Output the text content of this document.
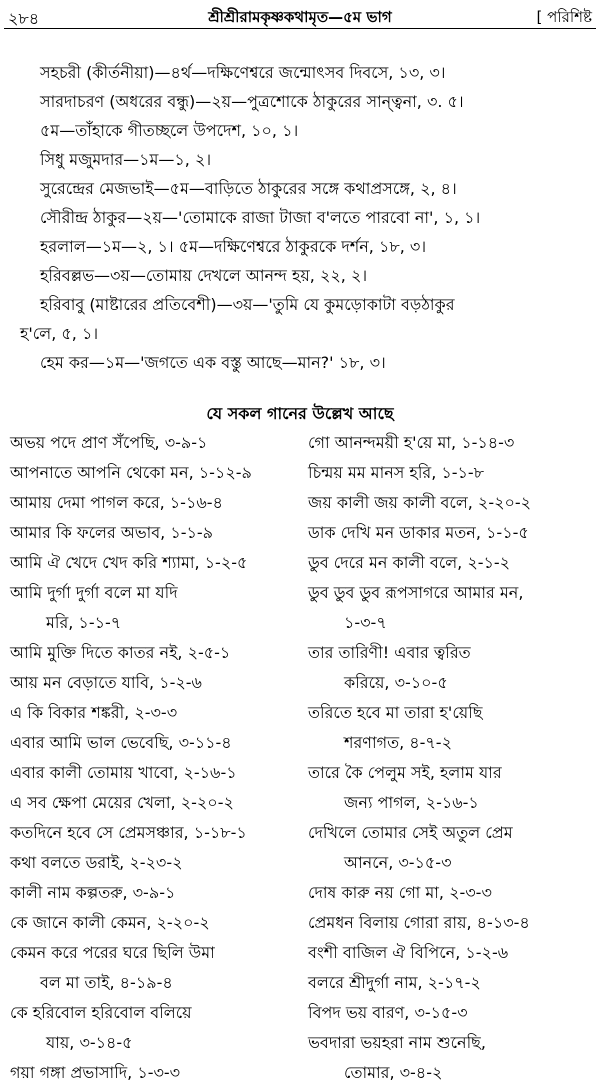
২৮৪	শ্রীশ্রীরামকৃষ্ণকথামৃত—৫ম ভাগ	[ পরিশিষ্ট
সহচরী (কীর্তনীয়া)—৪র্থ—দক্ষিণেশ্বরে জন্মোৎসব দিবসে, ১৩, ৩।
সারদাচরণ (অধরের বন্ধু)—২য়—পুত্রশোকে ঠাকুরের সান্ত্বনা, ৩. ৫।
৫ম—তাঁহাকে গীতচ্ছলে উপদেশ, ১০, ১।
সিধু মজুমদার—১ম—১, ২।
সুরেন্দ্রের মেজভাই—৫ম—বাড়িতে ঠাকুরের সঙ্গে কথাপ্রসঙ্গে, ২, ৪।
সৌরীন্দ্র ঠাকুর—২য়—'তোমাকে রাজা টাজা ব'লতে পারবো না', ১, ১।
হরলাল—১ম—২, ১। ৫ম—দক্ষিণেশ্বরে ঠাকুরকে দর্শন, ১৮, ৩।
হরিবল্লভ—৩য়—তোমায় দেখলে আনন্দ হয়, ২২, ২।
হরিবাবু (মাষ্টারের প্রতিবেশী)—৩য়—'তুমি যে কুমড়োকাটা বড়ঠাকুর
হ'লে, ৫, ১।
হেম কর—১ম—'জগতে এক বস্তু আছে—মান?' ১৮, ৩।
যে সকল গানের উল্লেখ আছে
অভয় পদে প্রাণ সঁপেছি, ৩-৯-১
আপনাতে আপনি থেকো মন, ১-১২-৯
আমায় দেমা পাগল করে, ১-১৬-৪
আমার কি ফলের অভাব, ১-১-৯
আমি ঐ খেদে খেদ করি শ্যামা, ১-২-৫
আমি দুর্গা দুর্গা বলে মা যদি
মরি, ১-১-৭
আমি মুক্তি দিতে কাতর নই, ২-৫-১
আয় মন বেড়াতে যাবি, ১-২-৬
এ কি বিকার শঙ্করী, ২-৩-৩
এবার আমি ভাল ভেবেছি, ৩-১১-৪
এবার কালী তোমায় খাবো, ২-১৬-১
এ সব ক্ষেপা মেয়ের খেলা, ২-২০-২
কতদিনে হবে সে প্রেমসঞ্চার, ১-১৮-১
কথা বলতে ডরাই, ২-২৩-২
কালী নাম কল্পতরু, ৩-৯-১
কে জানে কালী কেমন, ২-২০-২
কেমন করে পরের ঘরে ছিলি উমা
বল মা তাই, ৪-১৯-৪
কে হরিবোল হরিবোল বলিয়ে
যায়, ৩-১৪-৫
গয়া গঙ্গা প্রভাসাদি, ১-৩-৩
গো আনন্দময়ী হ'য়ে মা, ১-১৪-৩
চিন্ময় মম মানস হরি, ১-১-৮
জয় কালী জয় কালী বলে, ২-২০-২
ডাক দেখি মন ডাকার মতন, ১-১-৫
ডুব দেরে মন কালী বলে, ২-১-২
ডুব ডুব ডুব রূপসাগরে আমার মন,
১-৩-৭
তার তারিণী! এবার ত্বরিত
করিয়ে, ৩-১০-৫
তরিতে হবে মা তারা হ'য়েছি
শরণাগত, ৪-৭-২
তারে কৈ পেলুম সই, হলাম যার
জন্য পাগল, ২-১৬-১
দেখিলে তোমার সেই অতুল প্রেম
আননে, ৩-১৫-৩
দোষ কারু নয় গো মা, ২-৩-৩
প্রেমধন বিলায় গোরা রায়, ৪-১৩-৪
বংশী বাজিল ঐ বিপিনে, ১-২-৬
বলরে শ্রীদুর্গা নাম, ২-১৭-২
বিপদ ভয় বারণ, ৩-১৫-৩
ভবদারা ভয়হরা নাম শুনেছি,
তোমার, ৩-৪-২
